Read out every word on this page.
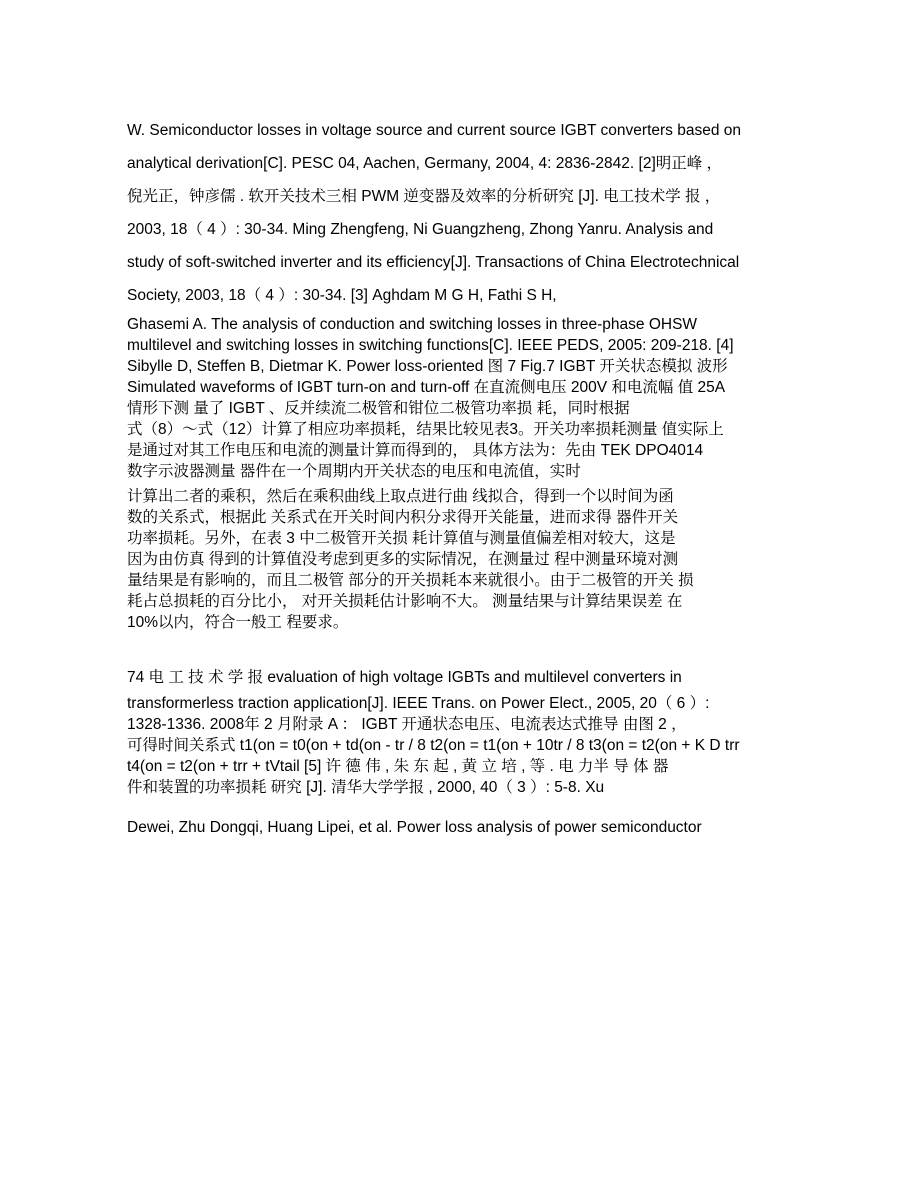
W. Semiconductor losses in voltage source and current source IGBT converters based on
analytical derivation[C]. PESC 04, Aachen, Germany, 2004, 4: 2836-2842. [2]明正峰 ，
倪光正，钟彦儒 . 软开关技术三相 PWM 逆变器及效率的分析研究 [J]. 电工技术学 报 ，
2003, 18（ 4 ）: 30-34. Ming Zhengfeng, Ni Guangzheng, Zhong Yanru. Analysis and
study of soft-switched inverter and its efficiency[J]. Transactions of China Electrotechnical
Society, 2003, 18（ 4 ）: 30-34. [3] Aghdam M G H, Fathi S H,
Ghasemi A. The analysis of conduction and switching losses in three-phase OHSW
multilevel and switching losses in switching functions[C]. IEEE PEDS, 2005: 209-218. [4]
Sibylle D, Steffen B, Dietmar K. Power loss-oriented 图 7 Fig.7 IGBT 开关状态模拟 波形
Simulated waveforms of IGBT turn-on and turn-off 在直流侧电压 200V 和电流幅 值 25A
情形下测 量了 IGBT 、反并续流二极管和钳位二极管功率损 耗，同时根据
式（8）～式（12）计算了相应功率损耗，结果比较见表3。开关功率损耗测量 值实际上
是通过对其工作电压和电流的测量计算而得到的， 具体方法为：先由 TEK DPO4014
数字示波器测量 器件在一个周期内开关状态的电压和电流值，实时
计算出二者的乘积，然后在乘积曲线上取点进行曲 线拟合，得到一个以时间为函
数的关系式，根据此 关系式在开关时间内积分求得开关能量，进而求得 器件开关
功率损耗。另外，在表 3 中二极管开关损 耗计算值与测量值偏差相对较大，这是
因为由仿真 得到的计算值没考虑到更多的实际情况，在测量过 程中测量环境对测
量结果是有影响的，而且二极管 部分的开关损耗本来就很小。由于二极管的开关 损
耗占总损耗的百分比小， 对开关损耗估计影响不大。 测量结果与计算结果误差 在
10%以内，符合一般工 程要求。
74 电 工 技 术 学 报 evaluation of high voltage IGBTs and multilevel converters in
transformerless traction application[J]. IEEE Trans. on Power Elect., 2005, 20（ 6 ）:
1328-1336. 2008年 2 月附录 A ： IGBT 开通状态电压、电流表达式推导 由图 2 ，
可得时间关系式 t1(on = t0(on + td(on - tr / 8 t2(on = t1(on + 10tr / 8 t3(on = t2(on + K D trr
t4(on = t2(on + trr + tVtail [5] 许 德 伟 , 朱 东 起 , 黄 立 培 , 等 . 电 力半 导 体 器
件和装置的功率损耗 研究 [J]. 清华大学学报 , 2000, 40（ 3 ）: 5-8. Xu
Dewei, Zhu Dongqi, Huang Lipei, et al. Power loss analysis of power semiconductor
